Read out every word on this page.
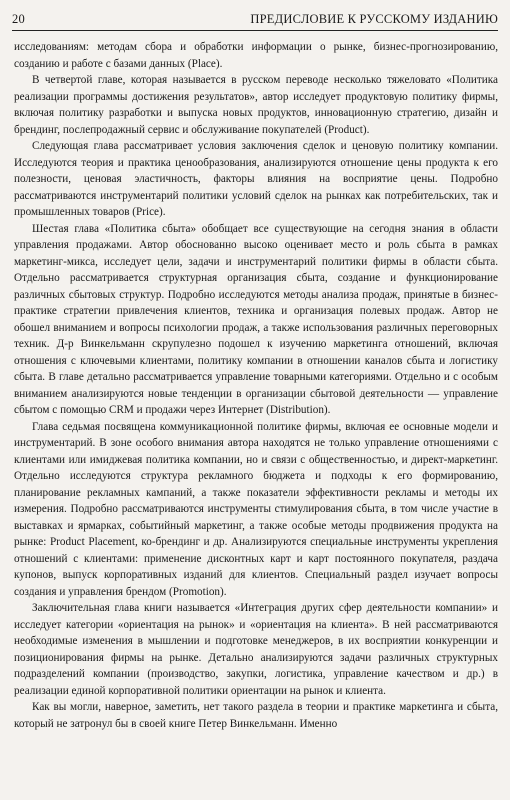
20	ПРЕДИСЛОВИЕ К РУССКОМУ ИЗДАНИЮ

исследованиям: методам сбора и обработки информации о рынке, бизнес-прогнозированию, созданию и работе с базами данных (Place).

В четвертой главе, которая называется в русском переводе несколько тяжеловато «Политика реализации программы достижения результатов», автор исследует продуктовую политику фирмы, включая политику разработки и выпуска новых продуктов, инновационную стратегию, дизайн и брендинг, послепродажный сервис и обслуживание покупателей (Product).

Следующая глава рассматривает условия заключения сделок и ценовую политику компании. Исследуются теория и практика ценообразования, анализируются отношение цены продукта к его полезности, ценовая эластичность, факторы влияния на восприятие цены. Подробно рассматриваются инструментарий политики условий сделок на рынках как потребительских, так и промышленных товаров (Price).

Шестая глава «Политика сбыта» обобщает все существующие на сегодня знания в области управления продажами. Автор обоснованно высоко оценивает место и роль сбыта в рамках маркетинг-микса, исследует цели, задачи и инструментарий политики фирмы в области сбыта. Отдельно рассматривается структурная организация сбыта, создание и функционирование различных сбытовых структур. Подробно исследуются методы анализа продаж, принятые в бизнес-практике стратегии привлечения клиентов, техника и организация полевых продаж. Автор не обошел вниманием и вопросы психологии продаж, а также использования различных переговорных техник. Д-р Винкельманн скрупулезно подошел к изучению маркетинга отношений, включая отношения с ключевыми клиентами, политику компании в отношении каналов сбыта и логистику сбыта. В главе детально рассматривается управление товарными категориями. Отдельно и с особым вниманием анализируются новые тенденции в организации сбытовой деятельности — управление сбытом с помощью CRM и продажи через Интернет (Distribution).

Глава седьмая посвящена коммуникационной политике фирмы, включая ее основные модели и инструментарий. В зоне особого внимания автора находятся не только управление отношениями с клиентами или имиджевая политика компании, но и связи с общественностью, и директ-маркетинг. Отдельно исследуются структура рекламного бюджета и подходы к его формированию, планирование рекламных кампаний, а также показатели эффективности рекламы и методы их измерения. Подробно рассматриваются инструменты стимулирования сбыта, в том числе участие в выставках и ярмарках, событийный маркетинг, а также особые методы продвижения продукта на рынке: Product Placement, ко-брендинг и др. Анализируются специальные инструменты укрепления отношений с клиентами: применение дисконтных карт и карт постоянного покупателя, раздача купонов, выпуск корпоративных изданий для клиентов. Специальный раздел изучает вопросы создания и управления брендом (Promotion).

Заключительная глава книги называется «Интеграция других сфер деятельности компании» и исследует категории «ориентация на рынок» и «ориентация на клиента». В ней рассматриваются необходимые изменения в мышлении и подготовке менеджеров, в их восприятии конкуренции и позиционирования фирмы на рынке. Детально анализируются задачи различных структурных подразделений компании (производство, закупки, логистика, управление качеством и др.) в реализации единой корпоративной политики ориентации на рынок и клиента.

Как вы могли, наверное, заметить, нет такого раздела в теории и практике маркетинга и сбыта, который не затронул бы в своей книге Петер Винкельманн. Именно
